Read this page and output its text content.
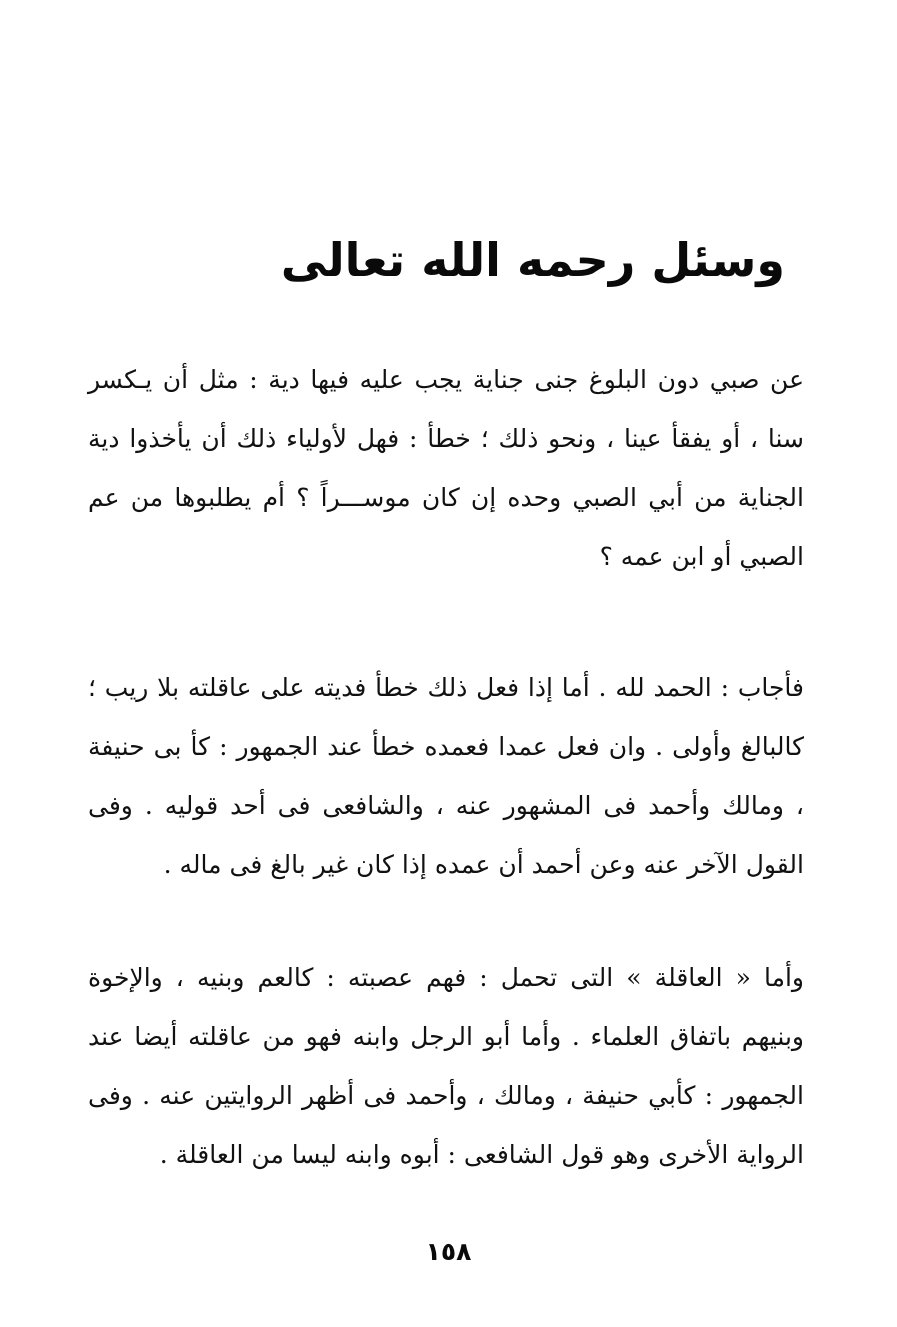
وسئل رحمه الله تعالى

عن صبي دون البلوغ جنى جناية يجب عليه فيها دية : مثل أن يـكسر سنا ، أو يفقأ عينا ، ونحو ذلك ؛ خطأ : فهل لأولياء ذلك أن يأخذوا دية الجناية من أبي الصبي وحده إن كان موســـراً ؟ أم يطلبوها من عم الصبي أو ابن عمه ؟

فأجاب : الحمد لله . أما إذا فعل ذلك خطأ فديته على عاقلته بلا ريب ؛ كالبالغ وأولى . وان فعل عمدا فعمده خطأ عند الجمهور : كأ بى حنيفة ، ومالك وأحمد فى المشهور عنه ، والشافعى فى أحد قوليه . وفى القول الآخر عنه وعن أحمد أن عمده إذا كان غير بالغ فى ماله .

وأما « العاقلة » التى تحمل : فهم عصبته : كالعم وبنيه ، والإخوة وبنيهم باتفاق العلماء . وأما أبو الرجل وابنه فهو من عاقلته أيضا عند الجمهور : كأبي حنيفة ، ومالك ، وأحمد فى أظهر الروايتين عنه . وفى الرواية الأخرى وهو قول الشافعى : أبوه وابنه ليسا من العاقلة .

١٥٨
